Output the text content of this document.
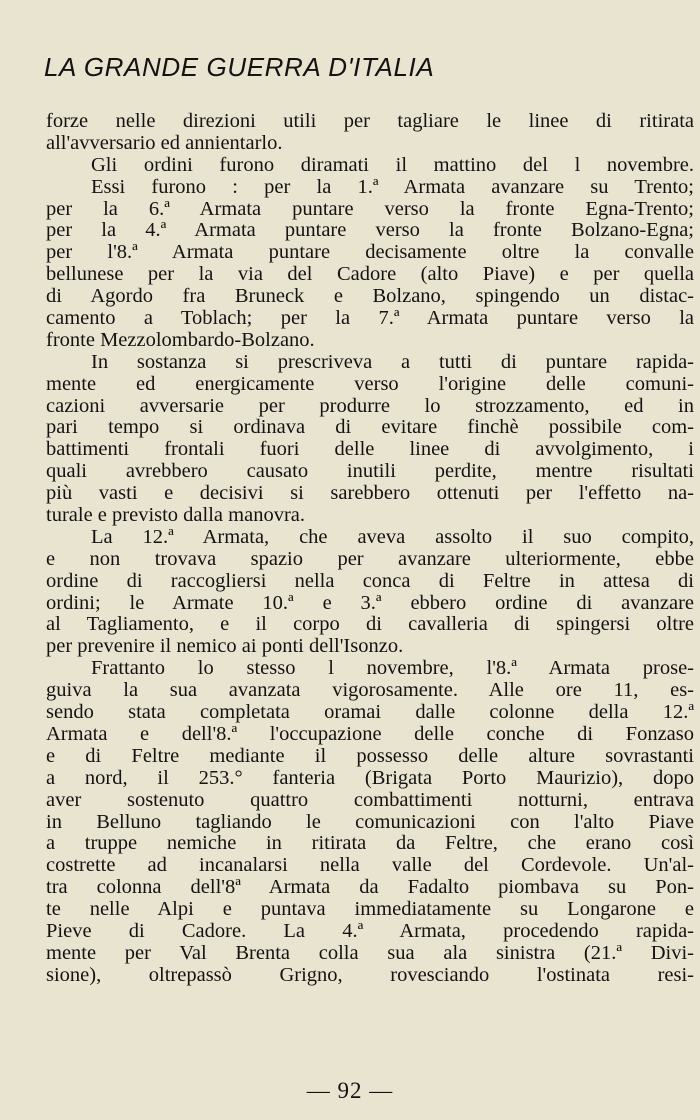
LA GRANDE GUERRA D'ITALIA
forze nelle direzioni utili per tagliare le linee di ritirata
all'avversario ed annientarlo.
Gli ordini furono diramati il mattino del l novembre.
Essi furono : per la 1.ª Armata avanzare su Trento;
per la 6.ª Armata puntare verso la fronte Egna-Trento;
per la 4.ª Armata puntare verso la fronte Bolzano-Egna;
per l'8.ª Armata puntare decisamente oltre la convalle
bellunese per la via del Cadore (alto Piave) e per quella
di Agordo fra Bruneck e Bolzano, spingendo un distac-
camento a Toblach; per la 7.ª Armata puntare verso la
fronte Mezzolombardo-Bolzano.
In sostanza si prescriveva a tutti di puntare rapida-
mente ed energicamente verso l'origine delle comuni-
cazioni avversarie per produrre lo strozzamento, ed in
pari tempo si ordinava di evitare finchè possibile com-
battimenti frontali fuori delle linee di avvolgimento, i
quali avrebbero causato inutili perdite, mentre risultati
più vasti e decisivi si sarebbero ottenuti per l'effetto na-
turale e previsto dalla manovra.
La 12.ª Armata, che aveva assolto il suo compito,
e non trovava spazio per avanzare ulteriormente, ebbe
ordine di raccogliersi nella conca di Feltre in attesa di
ordini; le Armate 10.ª e 3.ª ebbero ordine di avanzare
al Tagliamento, e il corpo di cavalleria di spingersi oltre
per prevenire il nemico ai ponti dell'Isonzo.
Frattanto lo stesso l novembre, l'8.ª Armata prose-
guiva la sua avanzata vigorosamente. Alle ore 11, es-
sendo stata completata oramai dalle colonne della 12.ª
Armata e dell'8.ª l'occupazione delle conche di Fonzaso
e di Feltre mediante il possesso delle alture sovrastanti
a nord, il 253.° fanteria (Brigata Porto Maurizio), dopo
aver sostenuto quattro combattimenti notturni, entrava
in Belluno tagliando le comunicazioni con l'alto Piave
a truppe nemiche in ritirata da Feltre, che erano così
costrette ad incanalarsi nella valle del Cordevole. Un'al-
tra colonna dell'8ª Armata da Fadalto piombava su Pon-
te nelle Alpi e puntava immediatamente su Longarone e
Pieve di Cadore. La 4.ª Armata, procedendo rapida-
mente per Val Brenta colla sua ala sinistra (21.ª Divi-
sione), oltrepassò Grigno, rovesciando l'ostinata resi-
— 92 —
